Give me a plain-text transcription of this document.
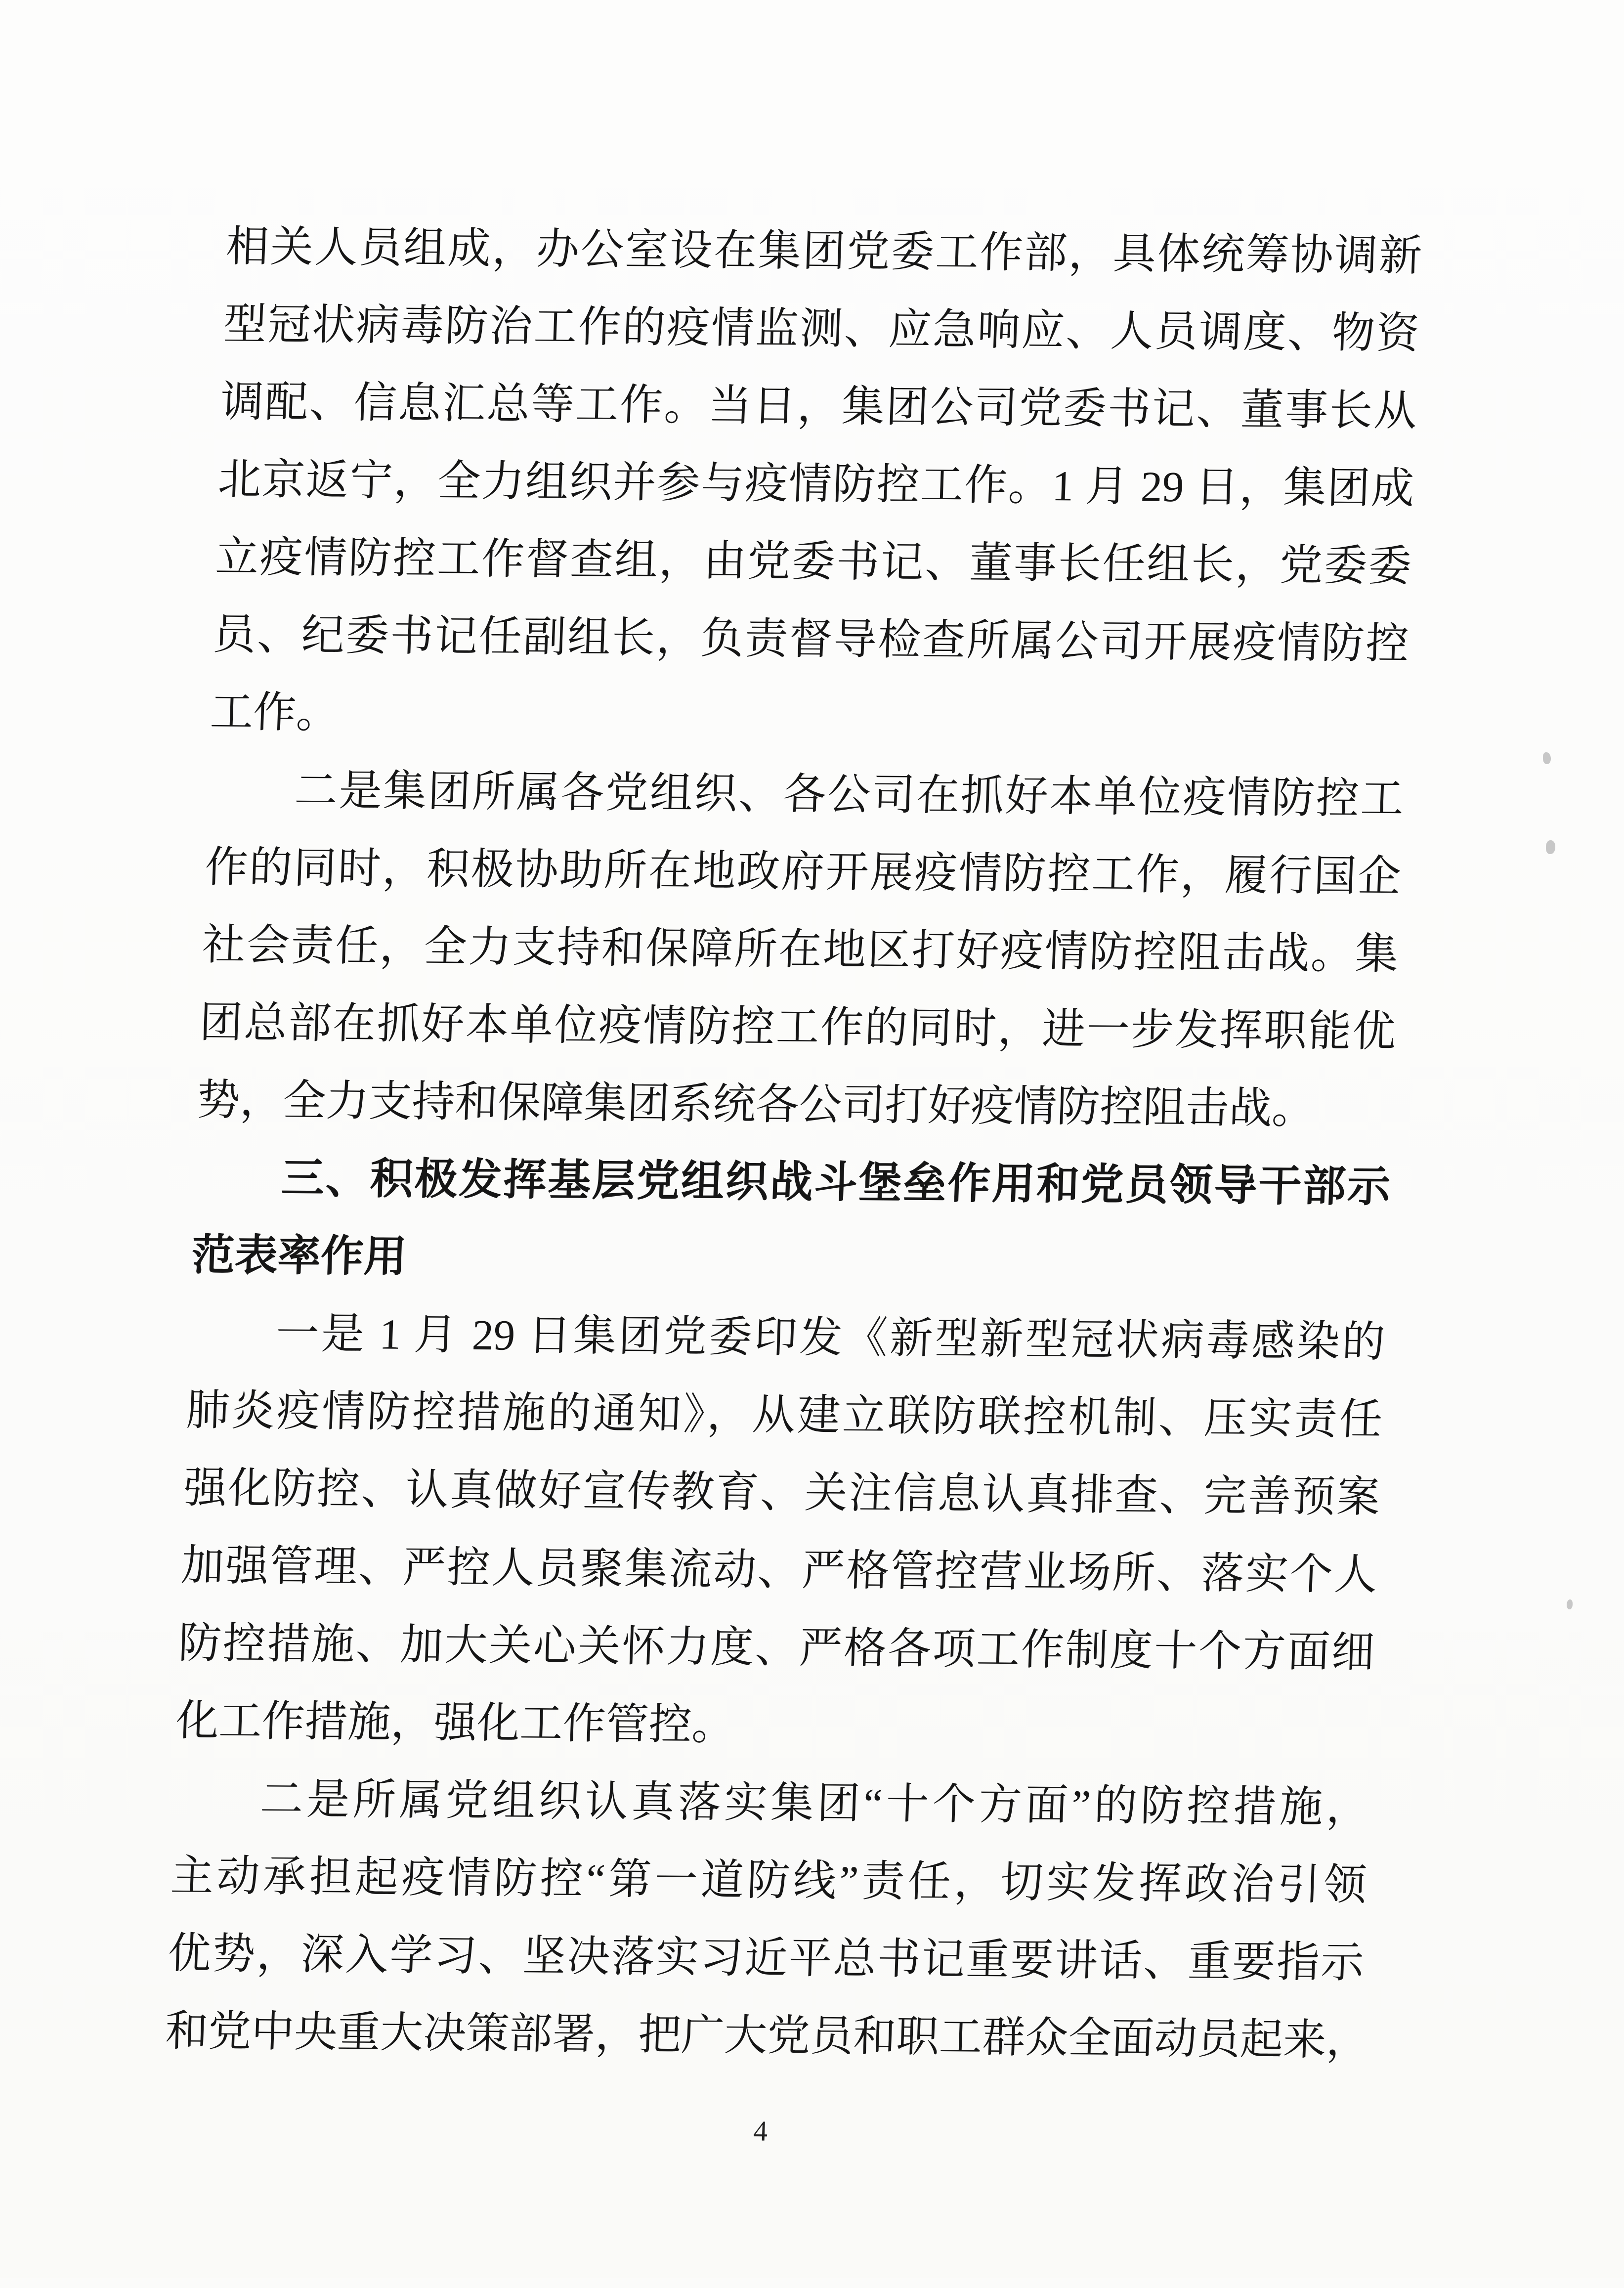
相关人员组成，办公室设在集团党委工作部，具体统筹协调新
型冠状病毒防治工作的疫情监测、应急响应、人员调度、物资
调配、信息汇总等工作。当日，集团公司党委书记、董事长从
北京返宁，全力组织并参与疫情防控工作。1 月 29 日，集团成
立疫情防控工作督查组，由党委书记、董事长任组长，党委委
员、纪委书记任副组长，负责督导检查所属公司开展疫情防控
工作。
二是集团所属各党组织、各公司在抓好本单位疫情防控工
作的同时，积极协助所在地政府开展疫情防控工作，履行国企
社会责任，全力支持和保障所在地区打好疫情防控阻击战。集
团总部在抓好本单位疫情防控工作的同时，进一步发挥职能优
势，全力支持和保障集团系统各公司打好疫情防控阻击战。
三、积极发挥基层党组织战斗堡垒作用和党员领导干部示
范表率作用
一是 1 月 29 日集团党委印发《新型新型冠状病毒感染的
肺炎疫情防控措施的通知》，从建立联防联控机制、压实责任
强化防控、认真做好宣传教育、关注信息认真排查、完善预案
加强管理、严控人员聚集流动、严格管控营业场所、落实个人
防控措施、加大关心关怀力度、严格各项工作制度十个方面细
化工作措施，强化工作管控。
二是所属党组织认真落实集团“十个方面”的防控措施，
主动承担起疫情防控“第一道防线”责任，切实发挥政治引领
优势，深入学习、坚决落实习近平总书记重要讲话、重要指示
和党中央重大决策部署，把广大党员和职工群众全面动员起来，
4
